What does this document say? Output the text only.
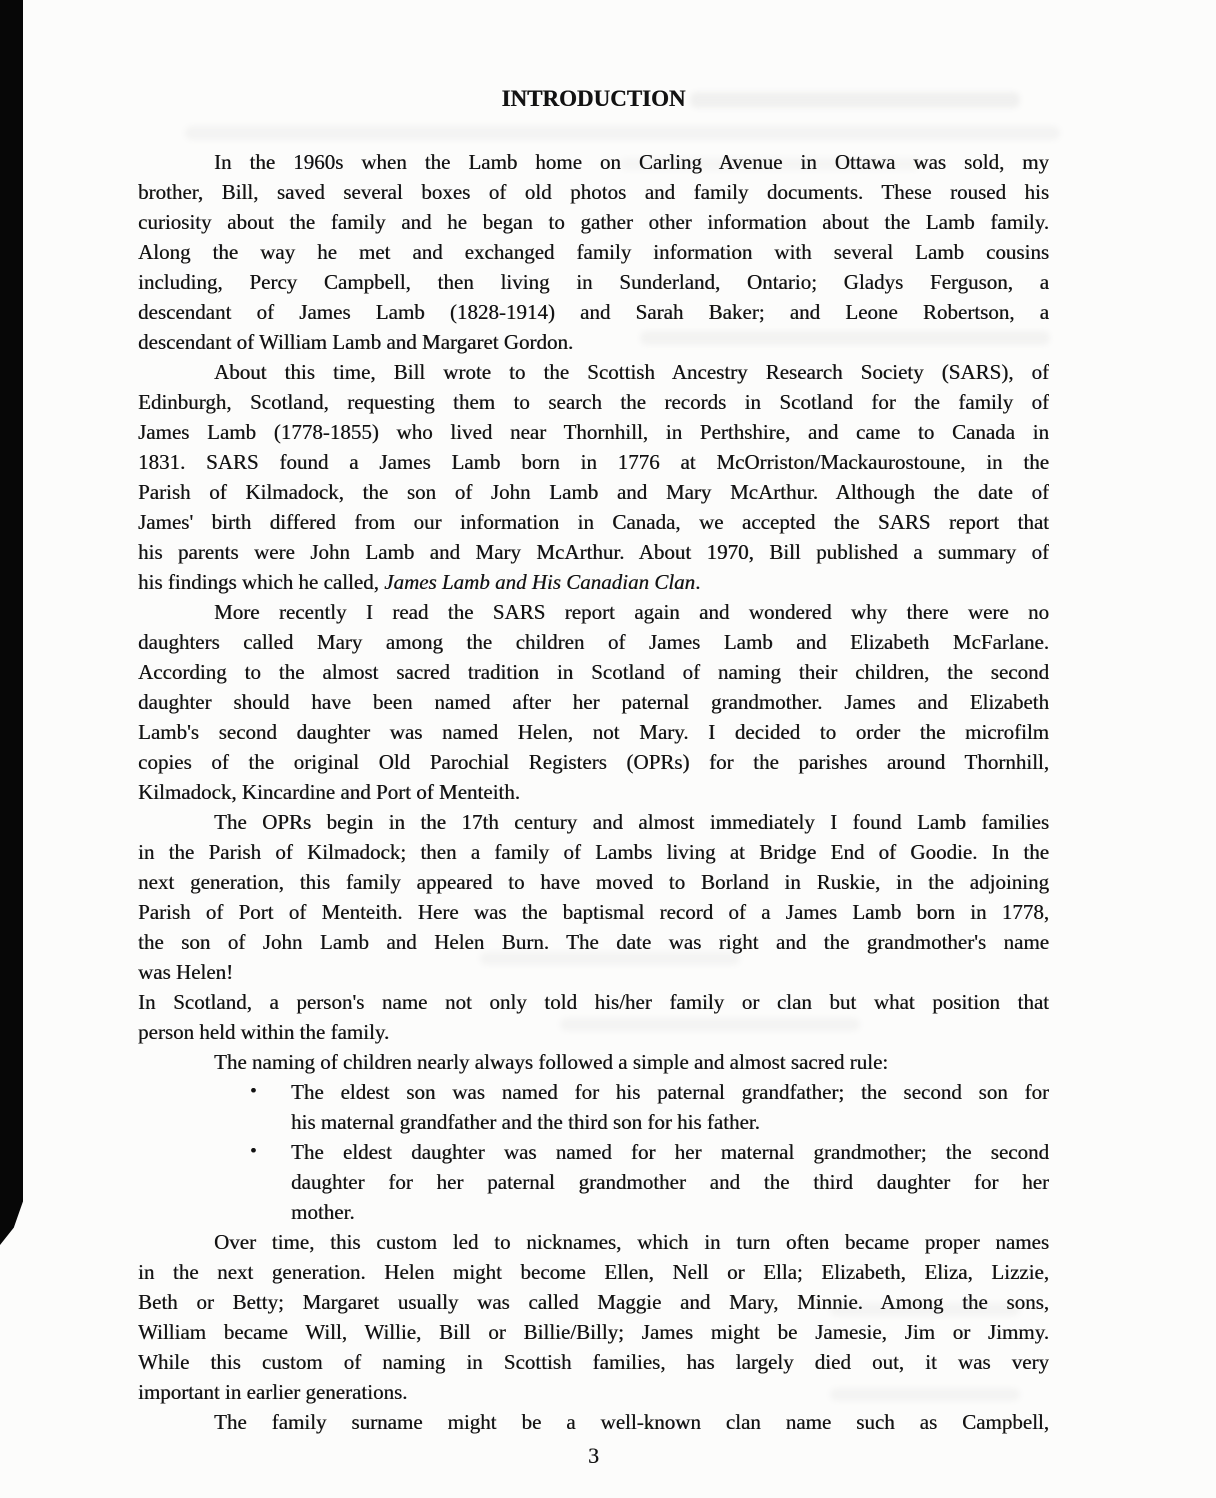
INTRODUCTION
In the 1960s when the Lamb home on Carling Avenue in Ottawa was sold, my
brother, Bill, saved several boxes of old photos and family documents. These roused his
curiosity about the family and he began to gather other information about the Lamb family.
Along the way he met and exchanged family information with several Lamb cousins
including, Percy Campbell, then living in Sunderland, Ontario; Gladys Ferguson, a
descendant of James Lamb (1828-1914) and Sarah Baker; and Leone Robertson, a
descendant of William Lamb and Margaret Gordon.
About this time, Bill wrote to the Scottish Ancestry Research Society (SARS), of
Edinburgh, Scotland, requesting them to search the records in Scotland for the family of
James Lamb (1778-1855) who lived near Thornhill, in Perthshire, and came to Canada in
1831. SARS found a James Lamb born in 1776 at McOrriston/Mackaurostoune, in the
Parish of Kilmadock, the son of John Lamb and Mary McArthur. Although the date of
James' birth differed from our information in Canada, we accepted the SARS report that
his parents were John Lamb and Mary McArthur. About 1970, Bill published a summary of
his findings which he called, James Lamb and His Canadian Clan.
More recently I read the SARS report again and wondered why there were no
daughters called Mary among the children of James Lamb and Elizabeth McFarlane.
According to the almost sacred tradition in Scotland of naming their children, the second
daughter should have been named after her paternal grandmother. James and Elizabeth
Lamb's second daughter was named Helen, not Mary. I decided to order the microfilm
copies of the original Old Parochial Registers (OPRs) for the parishes around Thornhill,
Kilmadock, Kincardine and Port of Menteith.
The OPRs begin in the 17th century and almost immediately I found Lamb families
in the Parish of Kilmadock; then a family of Lambs living at Bridge End of Goodie. In the
next generation, this family appeared to have moved to Borland in Ruskie, in the adjoining
Parish of Port of Menteith. Here was the baptismal record of a James Lamb born in 1778,
the son of John Lamb and Helen Burn. The date was right and the grandmother's name
was Helen!
In Scotland, a person's name not only told his/her family or clan but what position that
person held within the family.
The naming of children nearly always followed a simple and almost sacred rule:
• The eldest son was named for his paternal grandfather; the second son for
his maternal grandfather and the third son for his father.
• The eldest daughter was named for her maternal grandmother; the second
daughter for her paternal grandmother and the third daughter for her
mother.
Over time, this custom led to nicknames, which in turn often became proper names
in the next generation. Helen might become Ellen, Nell or Ella; Elizabeth, Eliza, Lizzie,
Beth or Betty; Margaret usually was called Maggie and Mary, Minnie. Among the sons,
William became Will, Willie, Bill or Billie/Billy; James might be Jamesie, Jim or Jimmy.
While this custom of naming in Scottish families, has largely died out, it was very
important in earlier generations.
The family surname might be a well-known clan name such as Campbell,
3
